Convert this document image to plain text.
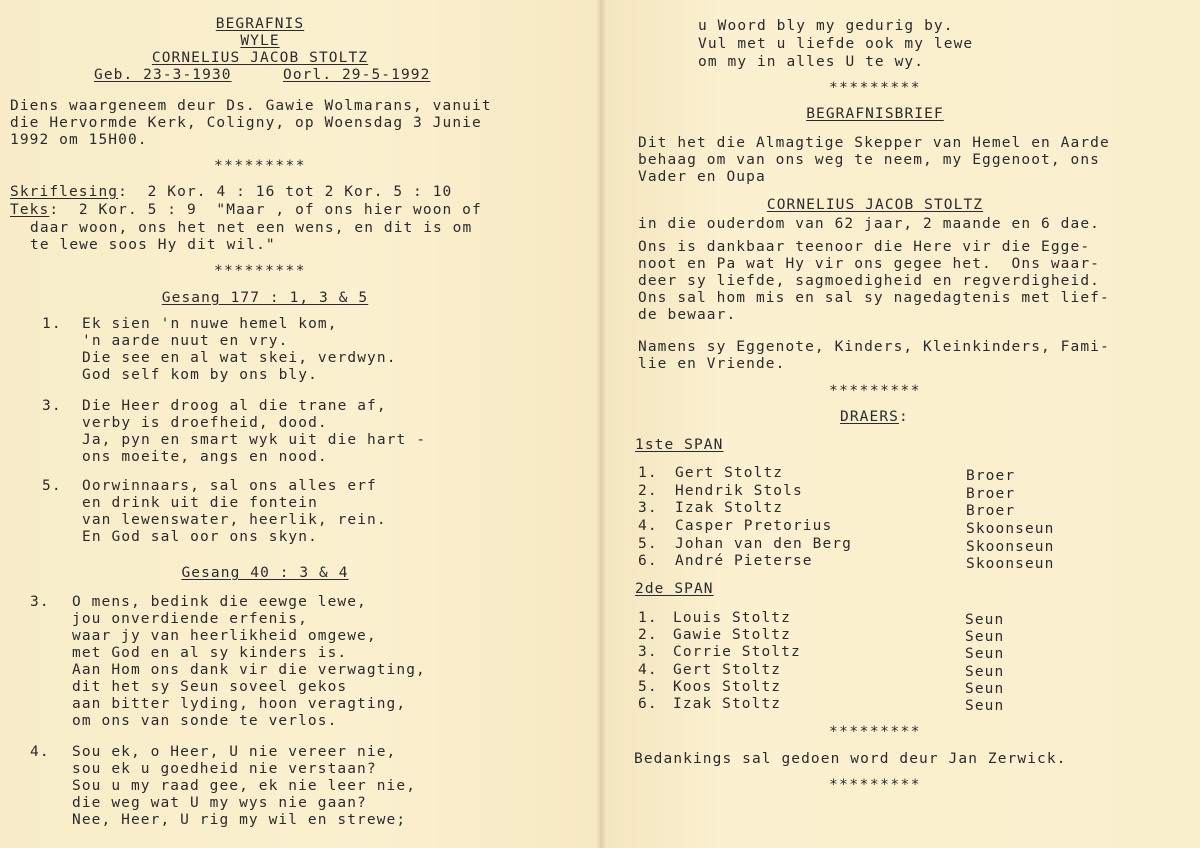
BEGRAFNIS
WYLE
CORNELIUS JACOB STOLTZ
Geb. 23-3-1930	Oorl. 29-5-1992
Diens waargeneem deur Ds. Gawie Wolmarans, vanuit
die Hervormde Kerk, Coligny, op Woensdag 3 Junie
1992 om 15H00.
*********
Skriflesing:  2 Kor. 4 : 16 tot 2 Kor. 5 : 10
Teks:  2 Kor. 5 : 9  "Maar , of ons hier woon of
daar woon, ons het net een wens, en dit is om
te lewe soos Hy dit wil."
*********
Gesang 177 : 1, 3 & 5
1. Ek sien 'n nuwe hemel kom,
'n aarde nuut en vry.
Die see en al wat skei, verdwyn.
God self kom by ons bly.
3. Die Heer droog al die trane af,
verby is droefheid, dood.
Ja, pyn en smart wyk uit die hart -
ons moeite, angs en nood.
5. Oorwinnaars, sal ons alles erf
en drink uit die fontein
van lewenswater, heerlik, rein.
En God sal oor ons skyn.
Gesang 40 : 3 & 4
3. O mens, bedink die eewge lewe,
jou onverdiende erfenis,
waar jy van heerlikheid omgewe,
met God en al sy kinders is.
Aan Hom ons dank vir die verwagting,
dit het sy Seun soveel gekos
aan bitter lyding, hoon veragting,
om ons van sonde te verlos.
4. Sou ek, o Heer, U nie vereer nie,
sou ek u goedheid nie verstaan?
Sou u my raad gee, ek nie leer nie,
die weg wat U my wys nie gaan?
Nee, Heer, U rig my wil en strewe;
u Woord bly my gedurig by.
Vul met u liefde ook my lewe
om my in alles U te wy.
*********
BEGRAFNISBRIEF
Dit het die Almagtige Skepper van Hemel en Aarde
behaag om van ons weg te neem, my Eggenoot, ons
Vader en Oupa
CORNELIUS JACOB STOLTZ
in die ouderdom van 62 jaar, 2 maande en 6 dae.
Ons is dankbaar teenoor die Here vir die Egge-
noot en Pa wat Hy vir ons gegee het.  Ons waar-
deer sy liefde, sagmoedigheid en regverdigheid.
Ons sal hom mis en sal sy nagedagtenis met lief-
de bewaar.
Namens sy Eggenote, Kinders, Kleinkinders, Fami-
lie en Vriende.
*********
DRAERS:
1ste SPAN
1. Gert Stoltz	Broer
2. Hendrik Stols	Broer
3. Izak Stoltz	Broer
4. Casper Pretorius	Skoonseun
5. Johan van den Berg	Skoonseun
6. André Pieterse	Skoonseun
2de SPAN
1. Louis Stoltz	Seun
2. Gawie Stoltz	Seun
3. Corrie Stoltz	Seun
4. Gert Stoltz	Seun
5. Koos Stoltz	Seun
6. Izak Stoltz	Seun
*********
Bedankings sal gedoen word deur Jan Zerwick.
*********
